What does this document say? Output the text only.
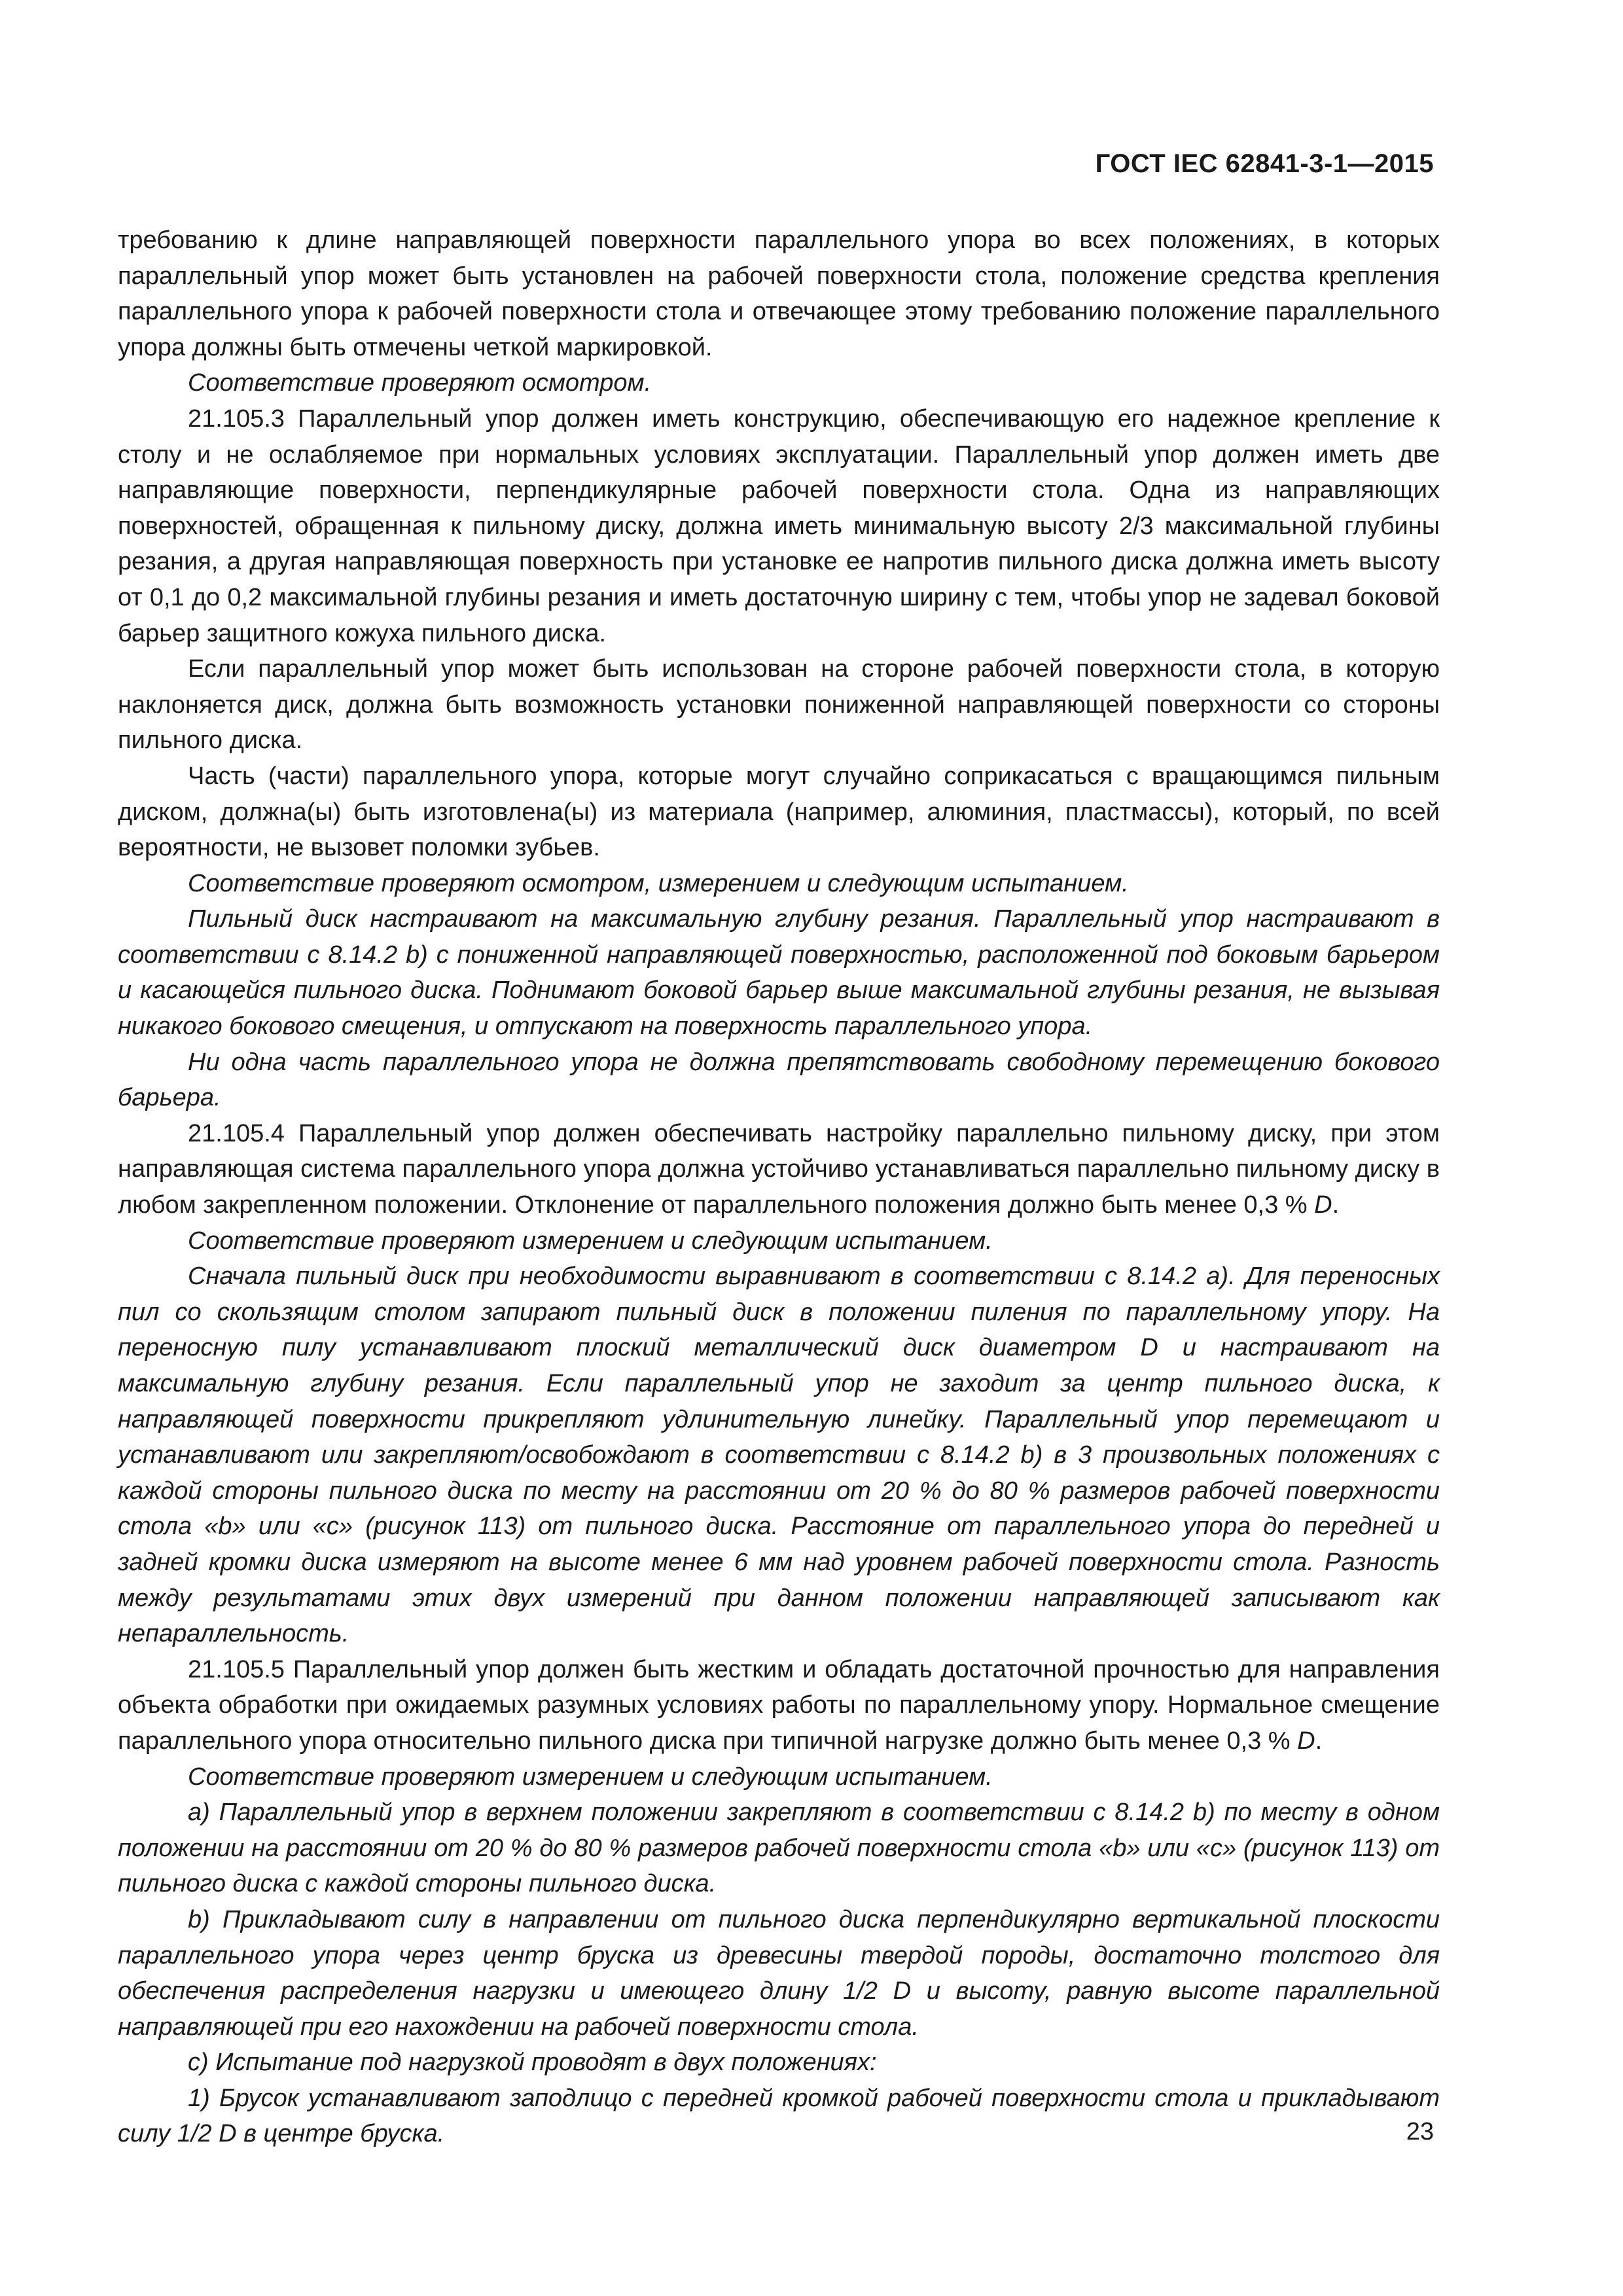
ГОСТ IEC 62841-3-1—2015

требованию к длине направляющей поверхности параллельного упора во всех положениях, в которых параллельный упор может быть установлен на рабочей поверхности стола, положение средства крепления параллельного упора к рабочей поверхности стола и отвечающее этому требованию положение параллельного упора должны быть отмечены четкой маркировкой.

Соответствие проверяют осмотром.

21.105.3 Параллельный упор должен иметь конструкцию, обеспечивающую его надежное крепление к столу и не ослабляемое при нормальных условиях эксплуатации. Параллельный упор должен иметь две направляющие поверхности, перпендикулярные рабочей поверхности стола. Одна из направляющих поверхностей, обращенная к пильному диску, должна иметь минимальную высоту 2/3 максимальной глубины резания, а другая направляющая поверхность при установке ее напротив пильного диска должна иметь высоту от 0,1 до 0,2 максимальной глубины резания и иметь достаточную ширину с тем, чтобы упор не задевал боковой барьер защитного кожуха пильного диска.

Если параллельный упор может быть использован на стороне рабочей поверхности стола, в которую наклоняется диск, должна быть возможность установки пониженной направляющей поверхности со стороны пильного диска.

Часть (части) параллельного упора, которые могут случайно соприкасаться с вращающимся пильным диском, должна(ы) быть изготовлена(ы) из материала (например, алюминия, пластмассы), который, по всей вероятности, не вызовет поломки зубьев.

Соответствие проверяют осмотром, измерением и следующим испытанием.

Пильный диск настраивают на максимальную глубину резания. Параллельный упор настраивают в соответствии с 8.14.2 b) с пониженной направляющей поверхностью, расположенной под боковым барьером и касающейся пильного диска. Поднимают боковой барьер выше максимальной глубины резания, не вызывая никакого бокового смещения, и отпускают на поверхность параллельного упора.

Ни одна часть параллельного упора не должна препятствовать свободному перемещению бокового барьера.

21.105.4 Параллельный упор должен обеспечивать настройку параллельно пильному диску, при этом направляющая система параллельного упора должна устойчиво устанавливаться параллельно пильному диску в любом закрепленном положении. Отклонение от параллельного положения должно быть менее 0,3 % D.

Соответствие проверяют измерением и следующим испытанием.

Сначала пильный диск при необходимости выравнивают в соответствии с 8.14.2 а). Для переносных пил со скользящим столом запирают пильный диск в положении пиления по параллельному упору. На переносную пилу устанавливают плоский металлический диск диаметром D и настраивают на максимальную глубину резания. Если параллельный упор не заходит за центр пильного диска, к направляющей поверхности прикрепляют удлинительную линейку. Параллельный упор перемещают и устанавливают или закрепляют/освобождают в соответствии с 8.14.2 b) в 3 произвольных положениях с каждой стороны пильного диска по месту на расстоянии от 20 % до 80 % размеров рабочей поверхности стола «b» или «с» (рисунок 113) от пильного диска. Расстояние от параллельного упора до передней и задней кромки диска измеряют на высоте менее 6 мм над уровнем рабочей поверхности стола. Разность между результатами этих двух измерений при данном положении направляющей записывают как непараллельность.

21.105.5 Параллельный упор должен быть жестким и обладать достаточной прочностью для направления объекта обработки при ожидаемых разумных условиях работы по параллельному упору. Нормальное смещение параллельного упора относительно пильного диска при типичной нагрузке должно быть менее 0,3 % D.

Соответствие проверяют измерением и следующим испытанием.

а) Параллельный упор в верхнем положении закрепляют в соответствии с 8.14.2 b) по месту в одном положении на расстоянии от 20 % до 80 % размеров рабочей поверхности стола «b» или «с» (рисунок 113) от пильного диска с каждой стороны пильного диска.

b) Прикладывают силу в направлении от пильного диска перпендикулярно вертикальной плоскости параллельного упора через центр бруска из древесины твердой породы, достаточно толстого для обеспечения распределения нагрузки и имеющего длину 1/2 D и высоту, равную высоте параллельной направляющей при его нахождении на рабочей поверхности стола.

с) Испытание под нагрузкой проводят в двух положениях:

1) Брусок устанавливают заподлицо с передней кромкой рабочей поверхности стола и прикладывают силу 1/2 D в центре бруска.	23
